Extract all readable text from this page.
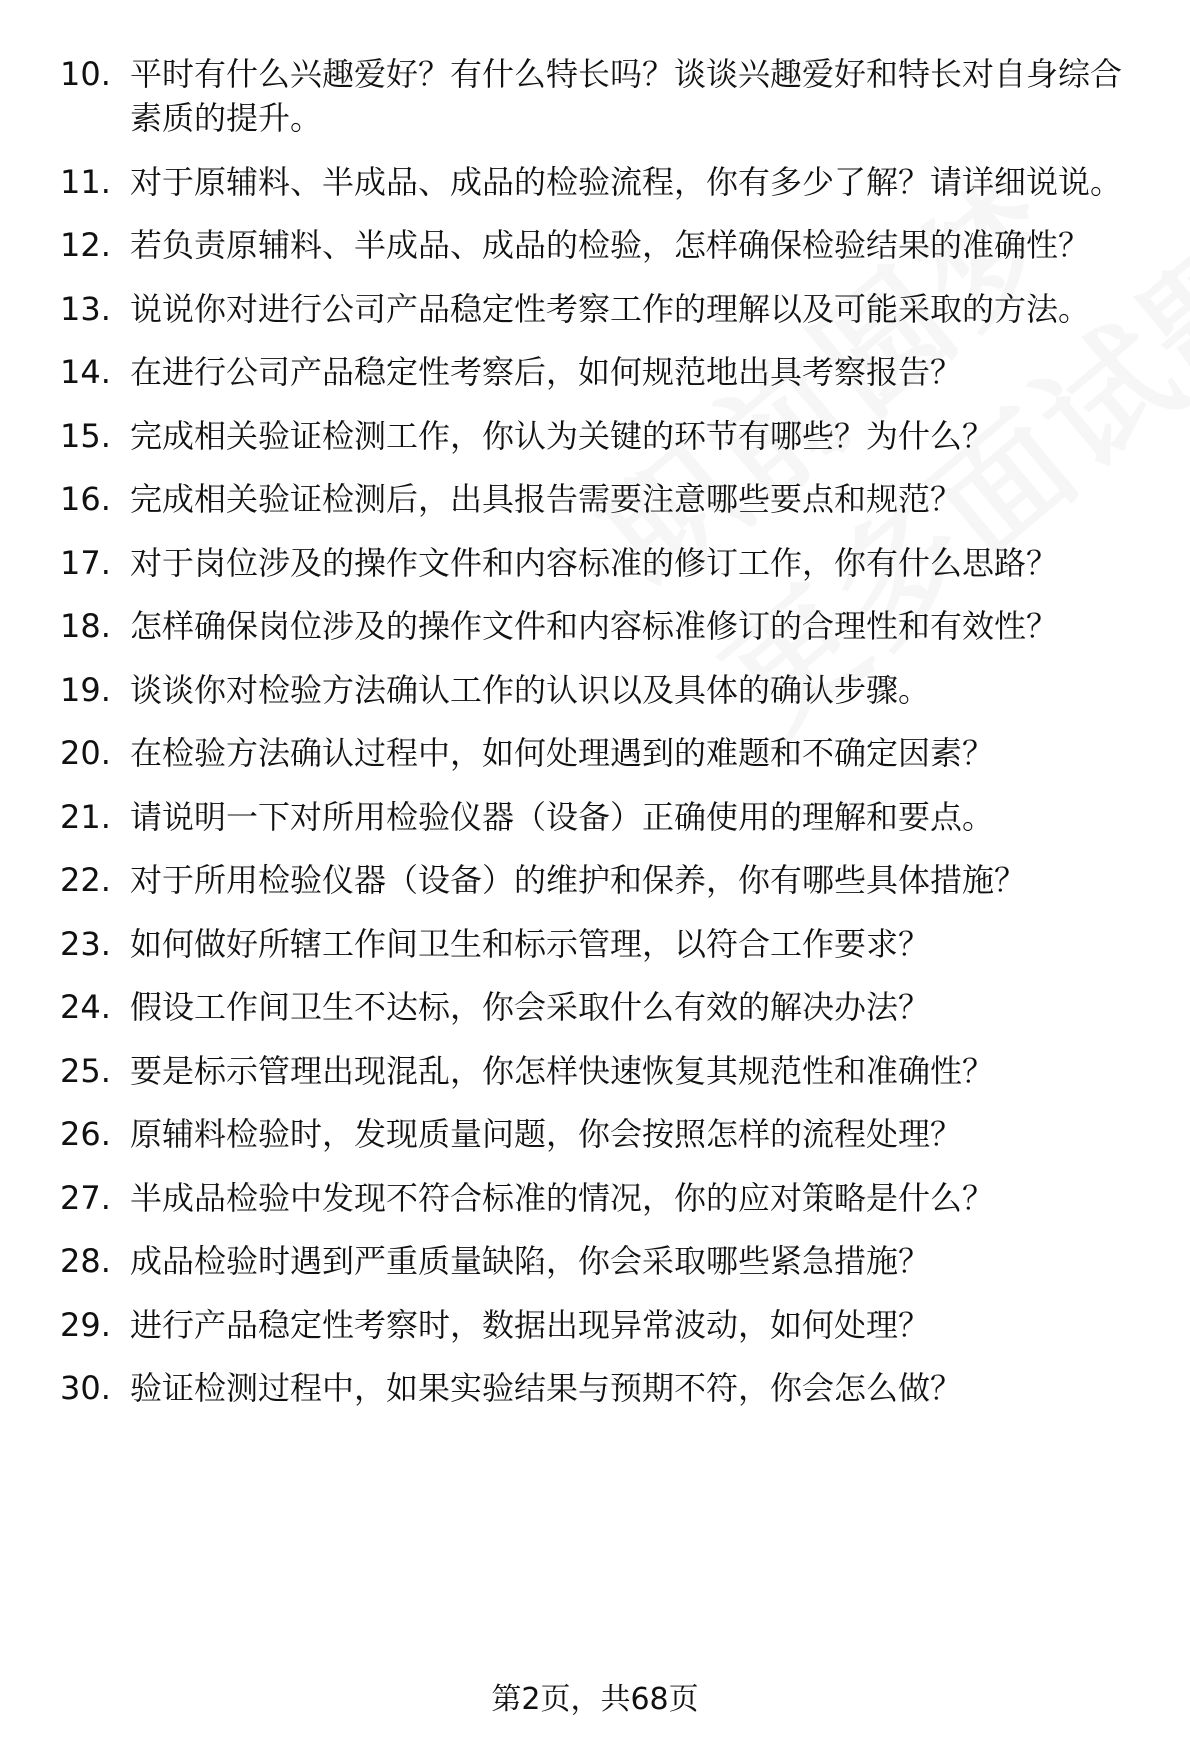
10. 平时有什么兴趣爱好？有什么特长吗？谈谈兴趣爱好和特长对自身综合素质的提升。
11. 对于原辅料、半成品、成品的检验流程，你有多少了解？请详细说说。
12. 若负责原辅料、半成品、成品的检验，怎样确保检验结果的准确性？
13. 说说你对进行公司产品稳定性考察工作的理解以及可能采取的方法。
14. 在进行公司产品稳定性考察后，如何规范地出具考察报告？
15. 完成相关验证检测工作，你认为关键的环节有哪些？为什么？
16. 完成相关验证检测后，出具报告需要注意哪些要点和规范？
17. 对于岗位涉及的操作文件和内容标准的修订工作，你有什么思路？
18. 怎样确保岗位涉及的操作文件和内容标准修订的合理性和有效性？
19. 谈谈你对检验方法确认工作的认识以及具体的确认步骤。
20. 在检验方法确认过程中，如何处理遇到的难题和不确定因素？
21. 请说明一下对所用检验仪器（设备）正确使用的理解和要点。
22. 对于所用检验仪器（设备）的维护和保养，你有哪些具体措施？
23. 如何做好所辖工作间卫生和标示管理，以符合工作要求？
24. 假设工作间卫生不达标，你会采取什么有效的解决办法？
25. 要是标示管理出现混乱，你怎样快速恢复其规范性和准确性？
26. 原辅料检验时，发现质量问题，你会按照怎样的流程处理？
27. 半成品检验中发现不符合标准的情况，你的应对策略是什么？
28. 成品检验时遇到严重质量缺陷，你会采取哪些紧急措施？
29. 进行产品稳定性考察时，数据出现异常波动，如何处理？
30. 验证检测过程中，如果实验结果与预期不符，你会怎么做？
第2页，共68页
